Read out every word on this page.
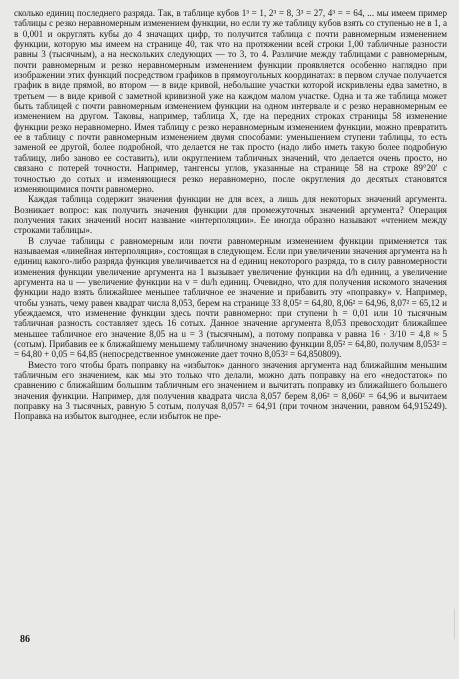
сколько единиц последнего разряда. Так, в таблице кубов 1³ = 1, 2³ = 8, 3³ = 27, 4³ = = 64, ... мы имеем пример таблицы с резко неравномерным изменением функции, но если ту же таблицу кубов взять со ступенью не в 1, а в 0,001 и округлять кубы до 4 значащих цифр, то получится таблица с почти равномерным изменением функции, которую мы имеем на странице 40, так что на протяжении всей строки 1,00 табличные разности равны 3 (тысячным), а на нескольких следующих — то 3, то 4. Различие между таблицами с равномерным, почти равномерным и резко неравномерным изменением функции проявляется особенно наглядно при изображении этих функций посредством графиков в прямоугольных координатах: в первом случае получается график в виде прямой, во втором — в виде кривой, небольшие участки которой искривлены едва заметно, в третьем — в виде кривой с заметной кривизной уже на каждом малом участке. Одна и та же таблица может быть таблицей с почти равномерным изменением функции на одном интервале и с резко неравномерным ее изменением на другом. Таковы, например, таблица X, где на передних строках страницы 58 изменение функции резко неравномерно. Имея таблицу с резко неравномерным изменением функции, можно превратить ее в таблицу с почти равномерным изменением двумя способами: уменьшением ступени таблицы, то есть заменой ее другой, более подробной, что делается не так просто (надо либо иметь такую более подробную таблицу, либо заново ее составить), или округлением табличных значений, что делается очень просто, но связано с потерей точности. Например, тангенсы углов, указанные на странице 58 на строке 89°20′ с точностью до сотых и изменяющиеся резко неравномерно, после округления до десятых становятся изменяющимися почти равномерно.

Каждая таблица содержит значения функции не для всех, а лишь для некоторых значений аргумента. Возникает вопрос: как получить значения функции для промежуточных значений аргумента? Операция получения таких значений носит название «интерполяции». Ее иногда образно называют «чтением между строками таблицы».

В случае таблицы с равномерным или почти равномерным изменением функции применяется так называемая «линейная интерполяция», состоящая в следующем. Если при увеличении значения аргумента на h единиц какого-либо разряда функция увеличивается на d единиц некоторого разряда, то в силу равномерности изменения функции увеличение аргумента на 1 вызывает увеличение функции на d/h единиц, а увеличение аргумента на u — увеличение функции на v = du/h единиц. Очевидно, что для получения искомого значения функции надо взять ближайшее меньшее табличное ее значение и прибавить эту «поправку» v. Например, чтобы узнать, чему равен квадрат числа 8,053, берем на странице 33 8,05² = 64,80, 8,06² = 64,96, 8,07² = 65,12 и убеждаемся, что изменение функции здесь почти равномерно: при ступени h = 0,01 или 10 тысячным табличная разность составляет здесь 16 сотых. Данное значение аргумента 8,053 превосходит ближайшее меньшее табличное его значение 8,05 на u = 3 (тысячным), а потому поправка v равна 16 · 3/10 = 4,8 ≈ 5 (сотым). Прибавив ее к ближайшему меньшему табличному значению функции 8,05² = 64,80, получим 8,053² = = 64,80 + 0,05 = 64,85 (непосредственное умножение дает точно 8,053² = 64,850809).

Вместо того чтобы брать поправку на «избыток» данного значения аргумента над ближайшим меньшим табличным его значением, как мы это только что делали, можно дать поправку на его «недостаток» по сравнению с ближайшим большим табличным его значением и вычитать поправку из ближайшего большего значения функции. Например, для получения квадрата числа 8,057 берем 8,06² = 8,060² = 64,96 и вычитаем поправку на 3 тысячных, равную 5 сотым, получая 8,057² = 64,91 (при точном значении, равном 64,915249). Поправка на избыток выгоднее, если избыток не пре-

86
